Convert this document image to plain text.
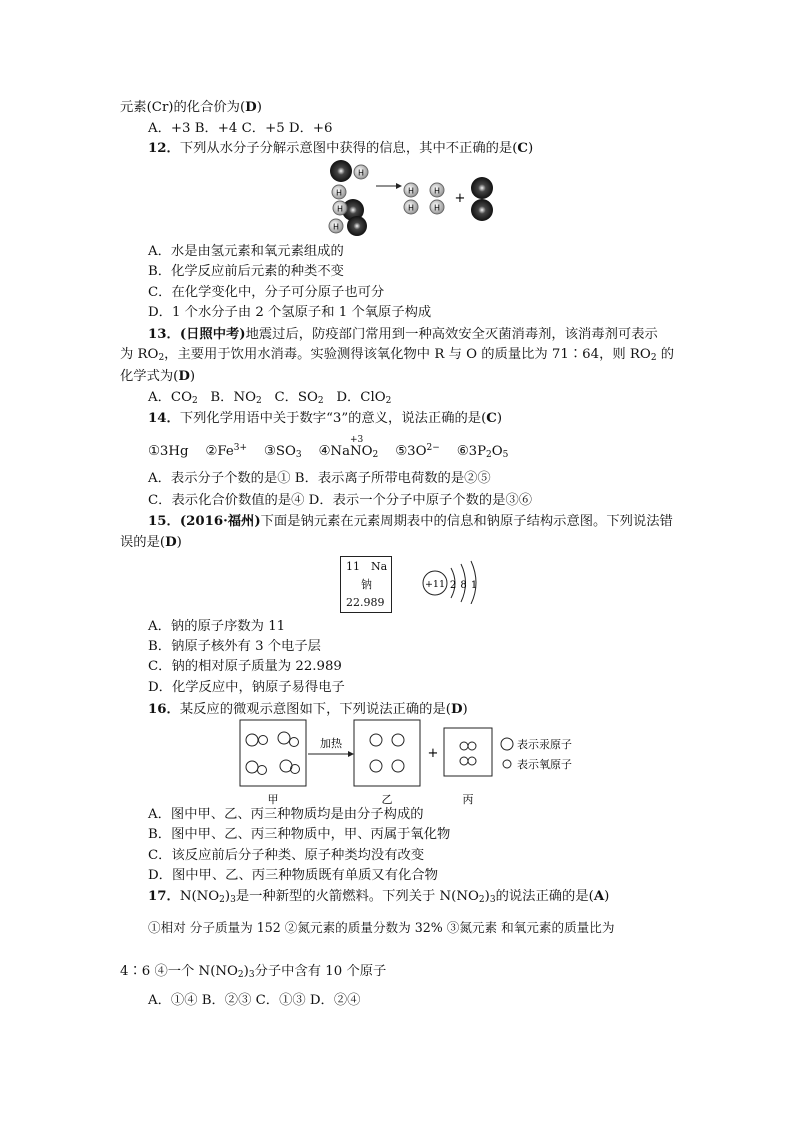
元素(Cr)的化合价为(D)
A．+3 B．+4 C．+5 D．+6
12．下列从水分子分解示意图中获得的信息，其中不正确的是(C)
H
H
H
H
H H
H H
+
A．水是由氢元素和氧元素组成的
B．化学反应前后元素的种类不变
C．在化学变化中，分子可分原子也可分
D．1 个水分子由 2 个氢原子和 1 个氧原子构成
13．(日照中考)地震过后，防疫部门常用到一种高效安全灭菌消毒剂，该消毒剂可表示
为 $RO_2$，主要用于饮用水消毒。实验测得该氧化物中 R 与 O 的质量比为 71∶64，则 $RO_2$ 的
化学式为(D)
A．$CO_2$ B．$NO_2$ C．$SO_2$ D．ClO$_2$
14．下列化学用语中关于数字“3”的意义，说法正确的是(C)
①3Hg $②Fe^{3+}$ $③SO_3$ ④Na
+3
$NO_2$ $⑤3O^{2-}$ $⑥3P_2O_5$
A．表示分子个数的是① B．表示离子所带电荷数的是②⑤
C．表示化合价数值的是④ D．表示一个分子中原子个数的是③⑥
15．(2016·福州)下面是钠元素在元素周期表中的信息和钠原子结构示意图。下列说法错
误的是(D)
11 Na
钠
22.989
+11 2 8 1
A．钠的原子序数为 11
B．钠原子核外有 3 个电子层
C．钠的相对原子质量为 22.989
D．化学反应中，钠原子易得电子
16．某反应的微观示意图如下，下列说法正确的是(D)
加热
+
表示汞原子
表示氧原子
甲	乙	丙
A．图中甲、乙、丙三种物质均是由分子构成的
B．图中甲、乙、丙三种物质中，甲、丙属于氧化物
C．该反应前后分子种类、原子种类均没有改变
D．图中甲、乙、丙三种物质既有单质又有化合物
17．$N(NO_2)_3$是一种新型的火箭燃料。下列关于 $N(NO_2)_3$的说法正确的是(A)
①相对 分子质量为 152 ②氮元素的质量分数为 32% ③氮元素 和氧元素的质量比为
4∶6 ④一个 $N(NO_2)_3$分子中含有 10 个原子
A．①④ B．②③ C．①③ D．②④
